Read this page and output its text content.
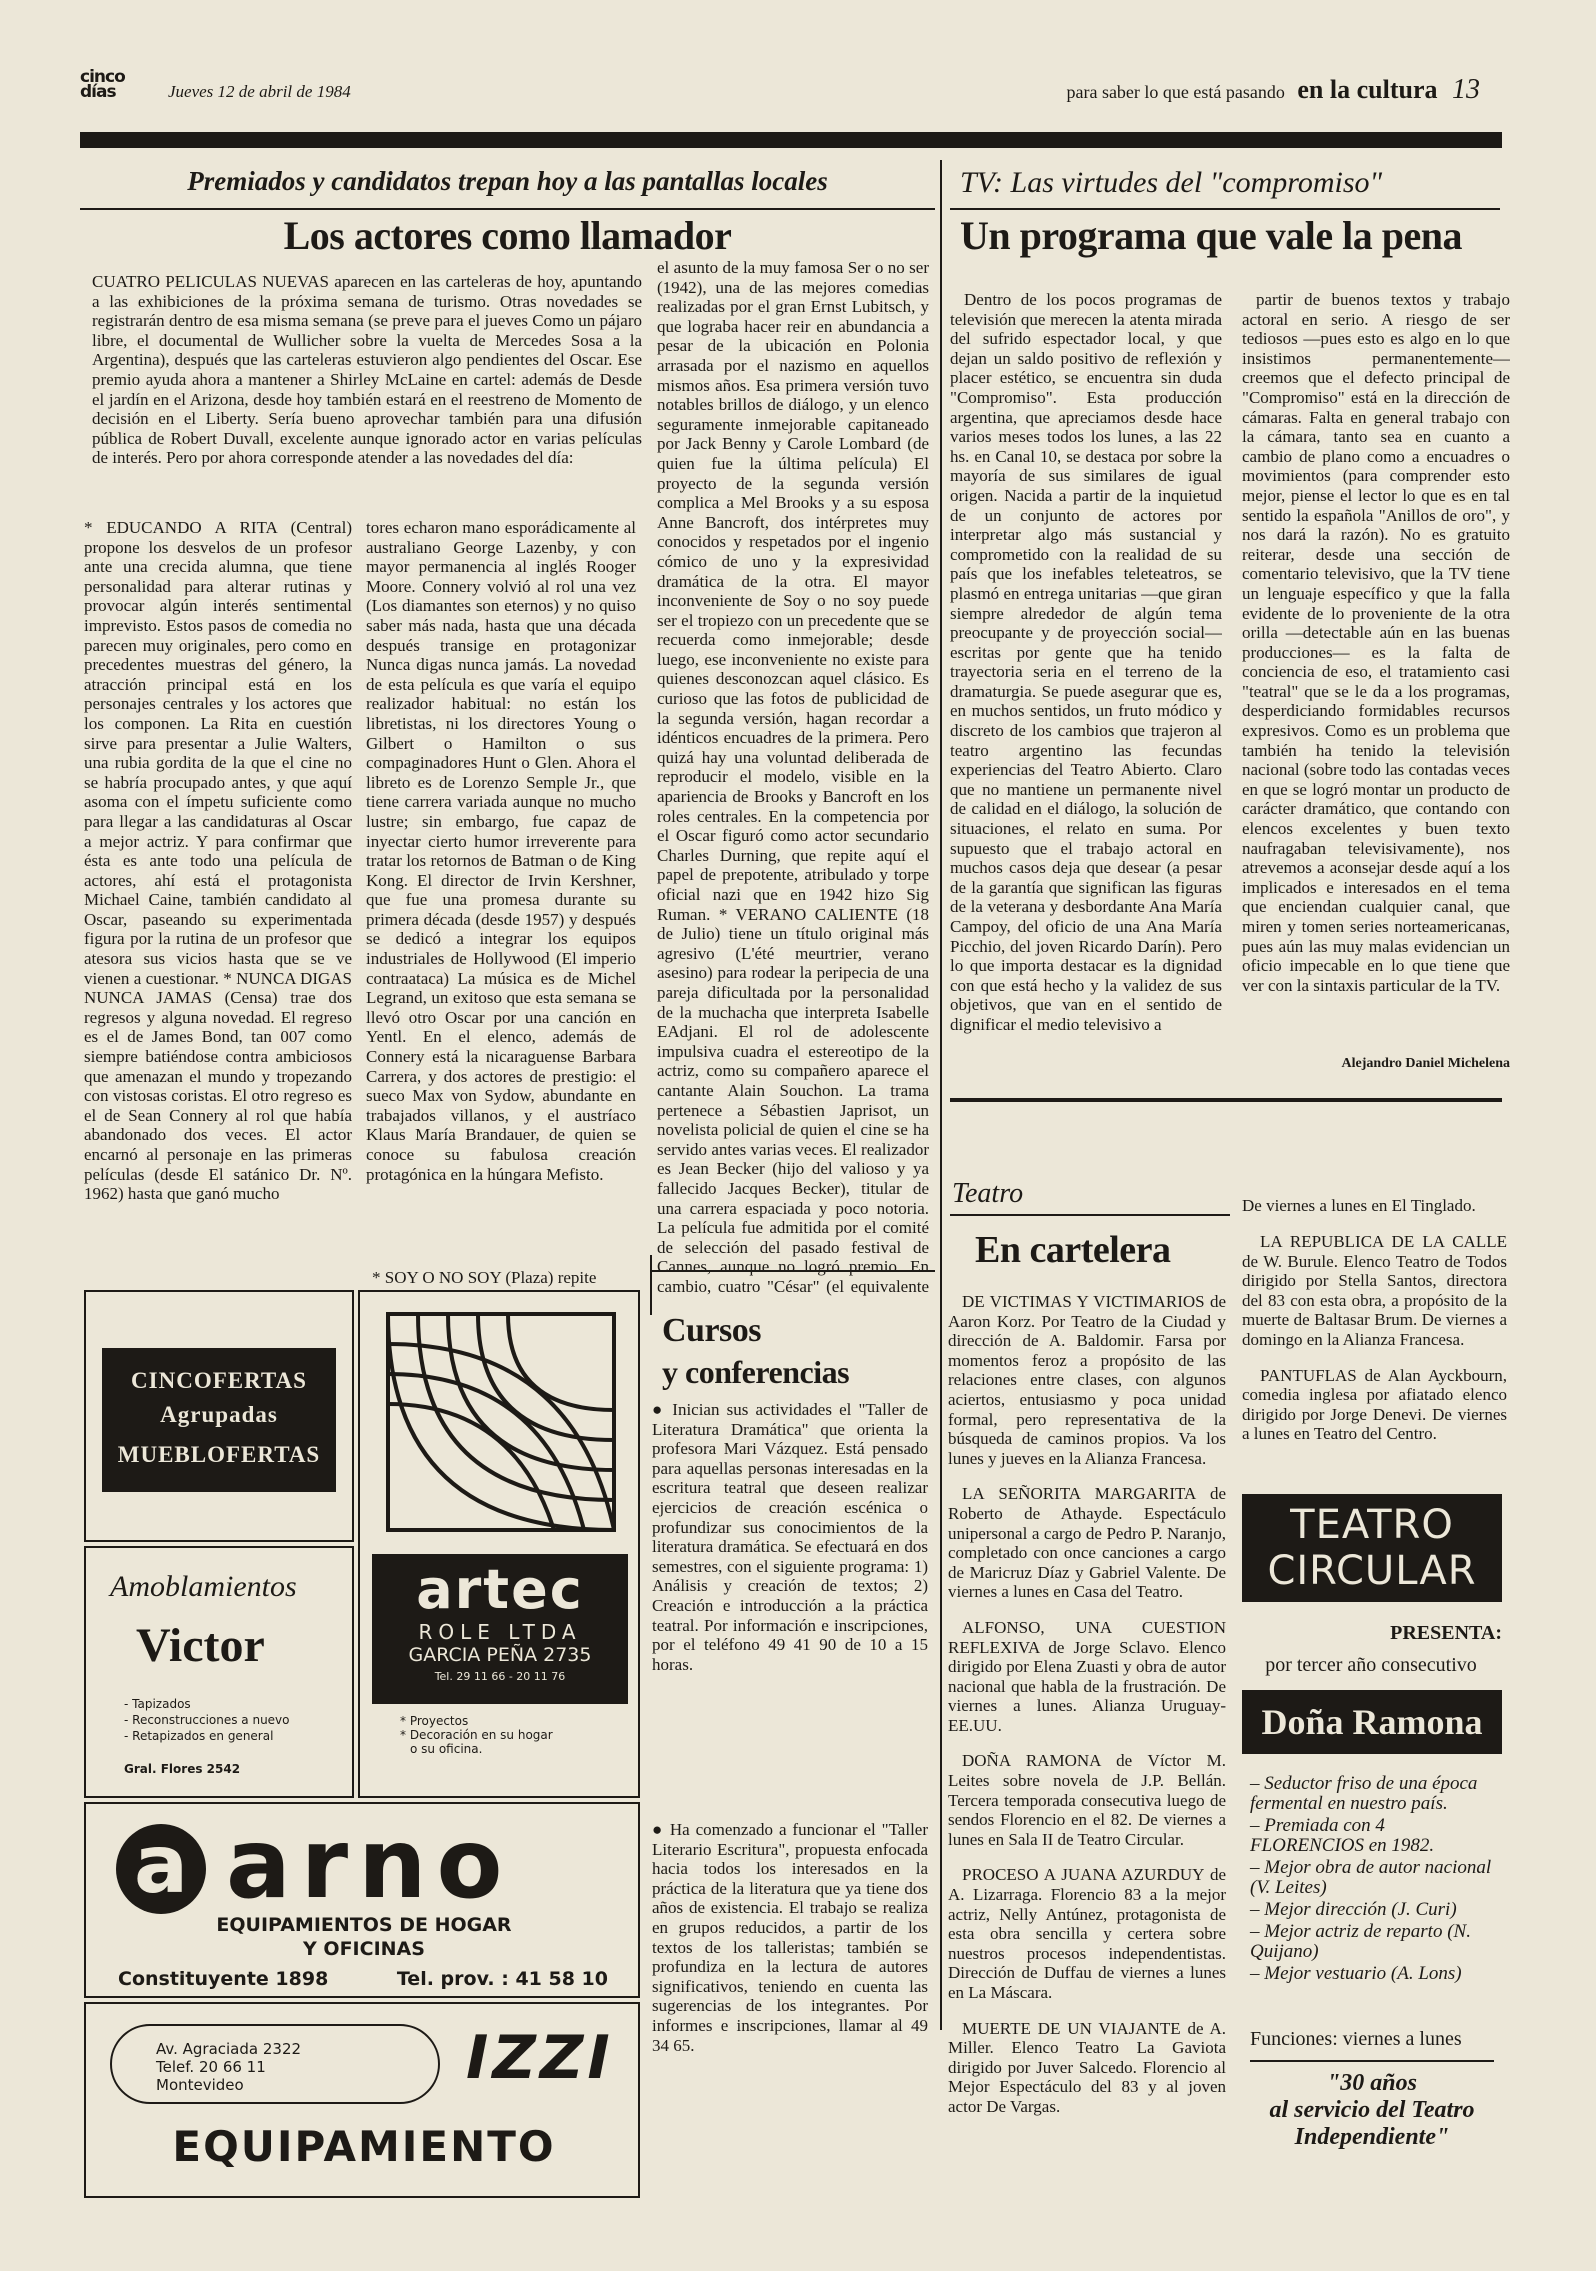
cinco días	Jueves 12 de abril de 1984	para saber lo que está pasando en la cultura 13
Premiados y candidatos trepan hoy a las pantallas locales
Los actores como llamador
CUATRO PELICULAS NUEVAS aparecen en las carteleras de hoy, apuntando a las exhibiciones de la próxima semana de turismo. Otras novedades se registrarán dentro de esa misma semana (se preve para el jueves Como un pájaro libre, el documental de Wullicher sobre la vuelta de Mercedes Sosa a la Argentina), después que las carteleras estuvieron algo pendientes del Oscar. Ese premio ayuda ahora a mantener a Shirley McLaine en cartel: además de Desde el jardín en el Arizona, desde hoy también estará en el reestreno de Momento de decisión en el Liberty. Sería bueno aprovechar también para una difusión pública de Robert Duvall, excelente aunque ignorado actor en varias películas de interés. Pero por ahora corresponde atender a las novedades del día:
* EDUCANDO A RITA (Central) propone los desvelos de un profesor ante una crecida alumna, que tiene personalidad para alterar rutinas y provocar algún interés sentimental imprevisto. Estos pasos de comedia no parecen muy originales, pero como en precedentes muestras del género, la atracción principal está en los personajes centrales y los actores que los componen. La Rita en cuestión sirve para presentar a Julie Walters, una rubia gordita de la que el cine no se habría procupado antes, y que aquí asoma con el ímpetu suficiente como para llegar a las candidaturas al Oscar a mejor actriz. Y para confirmar que ésta es ante todo una película de actores, ahí está el protagonista Michael Caine, también candidato al Oscar, paseando su experimentada figura por la rutina de un profesor que atesora sus vicios hasta que se ve vienen a cuestionar. * NUNCA DIGAS NUNCA JAMAS (Censa) trae dos regresos y alguna novedad. El regreso es el de James Bond, tan 007 como siempre batiéndose contra ambiciosos que amenazan el mundo y tropezando con vistosas coristas. El otro regreso es el de Sean Connery al rol que había abandonado dos veces. El actor encarnó al personaje en las primeras películas (desde El satánico Dr. Nº. 1962) hasta que ganó mucho
tores echaron mano esporádicamente al australiano George Lazenby, y con mayor permanencia al inglés Rooger Moore. Connery volvió al rol una vez (Los diamantes son eternos) y no quiso saber más nada, hasta que una década después transige en protagonizar Nunca digas nunca jamás. La novedad de esta película es que varía el equipo realizador habitual: no están los libretistas, ni los directores Young o Gilbert o Hamilton o sus compaginadores Hunt o Glen. Ahora el libreto es de Lorenzo Semple Jr., que tiene carrera variada aunque no mucho lustre; sin embargo, fue capaz de inyectar cierto humor irreverente para tratar los retornos de Batman o de King Kong. El director de Irvin Kershner, que fue una promesa durante su primera década (desde 1957) y después se dedicó a integrar los equipos industriales de Hollywood (El imperio contraataca) La música es de Michel Legrand, un exitoso que esta semana se llevó otro Oscar por una canción en Yentl. En el elenco, además de Connery está la nicaraguense Barbara Carrera, y dos actores de prestigio: el sueco Max von Sydow, abundante en trabajados villanos, y el austríaco Klaus María Brandauer, de quien se conoce su fabulosa creación protagónica en la húngara Mefisto.
* SOY O NO SOY (Plaza) repite
el asunto de la muy famosa Ser o no ser (1942), una de las mejores comedias realizadas por el gran Ernst Lubitsch, y que lograba hacer reir en abundancia a pesar de la ubicación en Polonia arrasada por el nazismo en aquellos mismos años. Esa primera versión tuvo notables brillos de diálogo, y un elenco seguramente inmejorable capitaneado por Jack Benny y Carole Lombard (de quien fue la última película) El proyecto de la segunda versión complica a Mel Brooks y a su esposa Anne Bancroft, dos intérpretes muy conocidos y respetados por el ingenio cómico de uno y la expresividad dramática de la otra. El mayor inconveniente de Soy o no soy puede ser el tropiezo con un precedente que se recuerda como inmejorable; desde luego, ese inconveniente no existe para quienes desconozcan aquel clásico. Es curioso que las fotos de publicidad de la segunda versión, hagan recordar a idénticos encuadres de la primera. Pero quizá hay una voluntad deliberada de reproducir el modelo, visible en la apariencia de Brooks y Bancroft en los roles centrales. En la competencia por el Oscar figuró como actor secundario Charles Durning, que repite aquí el papel de prepotente, atribulado y torpe oficial nazi que en 1942 hizo Sig Ruman. * VERANO CALIENTE (18 de Julio) tiene un título original más agresivo (L'été meurtrier, verano asesino) para rodear la peripecia de una pareja dificultada por la personalidad de la muchacha que interpreta Isabelle EAdjani. El rol de adolescente impulsiva cuadra el estereotipo de la actriz, como su compañero aparece el cantante Alain Souchon. La trama pertenece a Sébastien Japrisot, un novelista policial de quien el cine se ha servido antes varias veces. El realizador es Jean Becker (hijo del valioso y ya fallecido Jacques Becker), titular de una carrera espaciada y poco notoria. La película fue admitida por el comité de selección del pasado festival de Cannes, aunque no logró premio. En cambio, cuatro "César" (el equivalente
TV: Las virtudes del "compromiso"
Un programa que vale la pena
Dentro de los pocos programas de televisión que merecen la atenta mirada del sufrido espectador local, y que dejan un saldo positivo de reflexión y placer estético, se encuentra sin duda "Compromiso". Esta producción argentina, que apreciamos desde hace varios meses todos los lunes, a las 22 hs. en Canal 10, se destaca por sobre la mayoría de sus similares de igual origen. Nacida a partir de la inquietud de un conjunto de actores por interpretar algo más sustancial y comprometido con la realidad de su país que los inefables teleteatros, se plasmó en entrega unitarias —que giran siempre alrededor de algún tema preocupante y de proyección social— escritas por gente que ha tenido trayectoria seria en el terreno de la dramaturgia. Se puede asegurar que es, en muchos sentidos, un fruto módico y discreto de los cambios que trajeron al teatro argentino las fecundas experiencias del Teatro Abierto. Claro que no mantiene un permanente nivel de calidad en el diálogo, la solución de situaciones, el relato en suma. Por supuesto que el trabajo actoral en muchos casos deja que desear (a pesar de la garantía que significan las figuras de la veterana y desbordante Ana María Campoy, del oficio de una Ana María Picchio, del joven Ricardo Darín). Pero lo que importa destacar es la dignidad con que está hecho y la validez de sus objetivos, que van en el sentido de dignificar el medio televisivo a
partir de buenos textos y trabajo actoral en serio. A riesgo de ser tediosos —pues esto es algo en lo que insistimos permanentemente— creemos que el defecto principal de "Compromiso" está en la dirección de cámaras. Falta en general trabajo con la cámara, tanto sea en cuanto a cambio de plano como a encuadres o movimientos (para comprender esto mejor, piense el lector lo que es en tal sentido la española "Anillos de oro", y nos dará la razón). No es gratuito reiterar, desde una sección de comentario televisivo, que la TV tiene un lenguaje específico y que la falla evidente de lo proveniente de la otra orilla —detectable aún en las buenas producciones— es la falta de conciencia de eso, el tratamiento casi "teatral" que se le da a los programas, desperdiciando formidables recursos expresivos. Como es un problema que también ha tenido la televisión nacional (sobre todo las contadas veces en que se logró montar un producto de carácter dramático, que contando con elencos excelentes y buen texto naufragaban televisivamente), nos atrevemos a aconsejar desde aquí a los implicados e interesados en el tema que enciendan cualquier canal, que miren y tomen series norteamericanas, pues aún las muy malas evidencian un oficio impecable en lo que tiene que ver con la sintaxis particular de la TV.
Alejandro Daniel Michelena
Cursos
y conferencias
● Inician sus actividades el "Taller de Literatura Dramática" que orienta la profesora Mari Vázquez. Está pensado para aquellas personas interesadas en la escritura teatral que deseen realizar ejercicios de creación escénica o profundizar sus conocimientos de la literatura dramática. Se efectuará en dos semestres, con el siguiente programa: 1) Análisis y creación de textos; 2) Creación e introducción a la práctica teatral. Por información e inscripciones, por el teléfono 49 41 90 de 10 a 15 horas.
● Ha comenzado a funcionar el "Taller Literario Escritura", propuesta enfocada hacia todos los interesados en la práctica de la literatura que ya tiene dos años de existencia. El trabajo se realiza en grupos reducidos, a partir de los textos de los talleristas; también se profundiza en la lectura de autores significativos, teniendo en cuenta las sugerencias de los integrantes. Por informes e inscripciones, llamar al 49 34 65.
Teatro
En cartelera

DE VICTIMAS Y VICTIMARIOS de Aaron Korz. Por Teatro de la Ciudad y dirección de A. Baldomir. Farsa por momentos feroz a propósito de las relaciones entre clases, con algunos aciertos, entusiasmo y poca unidad formal, pero representativa de la búsqueda de caminos propios. Va los lunes y jueves en la Alianza Francesa.

LA SEÑORITA MARGARITA de Roberto de Athayde. Espectáculo unipersonal a cargo de Pedro P. Naranjo, completado con once canciones a cargo de Maricruz Díaz y Gabriel Valente. De viernes a lunes en Casa del Teatro.

ALFONSO, UNA CUESTION REFLEXIVA de Jorge Sclavo. Elenco dirigido por Elena Zuasti y obra de autor nacional que habla de la frustración. De viernes a lunes. Alianza Uruguay-EE.UU.

DOÑA RAMONA de Víctor M. Leites sobre novela de J.P. Bellán. Tercera temporada consecutiva luego de sendos Florencio en el 82. De viernes a lunes en Sala II de Teatro Circular.

PROCESO A JUANA AZURDUY de A. Lizarraga. Florencio 83 a la mejor actriz, Nelly Antúnez, protagonista de esta obra sencilla y certera sobre nuestros procesos independentistas. Dirección de Duffau de viernes a lunes en La Máscara.

MUERTE DE UN VIAJANTE de A. Miller. Elenco Teatro La Gaviota dirigido por Juver Salcedo. Florencio al Mejor Espectáculo del 83 y al joven actor De Vargas.

De viernes a lunes en El Tinglado.

LA REPUBLICA DE LA CALLE de W. Burule. Elenco Teatro de Todos dirigido por Stella Santos, directora del 83 con esta obra, a propósito de la muerte de Baltasar Brum. De viernes a domingo en la Alianza Francesa.

PANTUFLAS de Alan Ayckbourn, comedia inglesa por afiatado elenco dirigido por Jorge Denevi. De viernes a lunes en Teatro del Centro.

CINCOFERTAS
Agrupadas
MUEBLOFERTAS
Amoblamientos
Victor
- Tapizados
- Reconstrucciones a nuevo
- Retapizados en general
Gral. Flores 2542
artec
ROLE LTDA
GARCIA PEÑA 2735
Tel. 29 11 66 - 20 11 76
* Proyectos
* Decoración en su hogar
o su oficina.
a arno
EQUIPAMIENTOS DE HOGAR
Y OFICINAS
Constituyente 1898	Tel. prov. : 41 58 10
Av. Agraciada 2322
Telef. 20 66 11
Montevideo	IZZI
EQUIPAMIENTO
TEATRO
CIRCULAR
PRESENTA:
por tercer año consecutivo
Doña Ramona
– Seductor friso de una época fermental en nuestro país.
– Premiada con 4 FLORENCIOS en 1982.
– Mejor obra de autor nacional (V. Leites)
– Mejor dirección (J. Curi)
– Mejor actriz de reparto (N. Quijano)
– Mejor vestuario (A. Lons)
Funciones: viernes a lunes
"30 años
al servicio del Teatro
Independiente"
